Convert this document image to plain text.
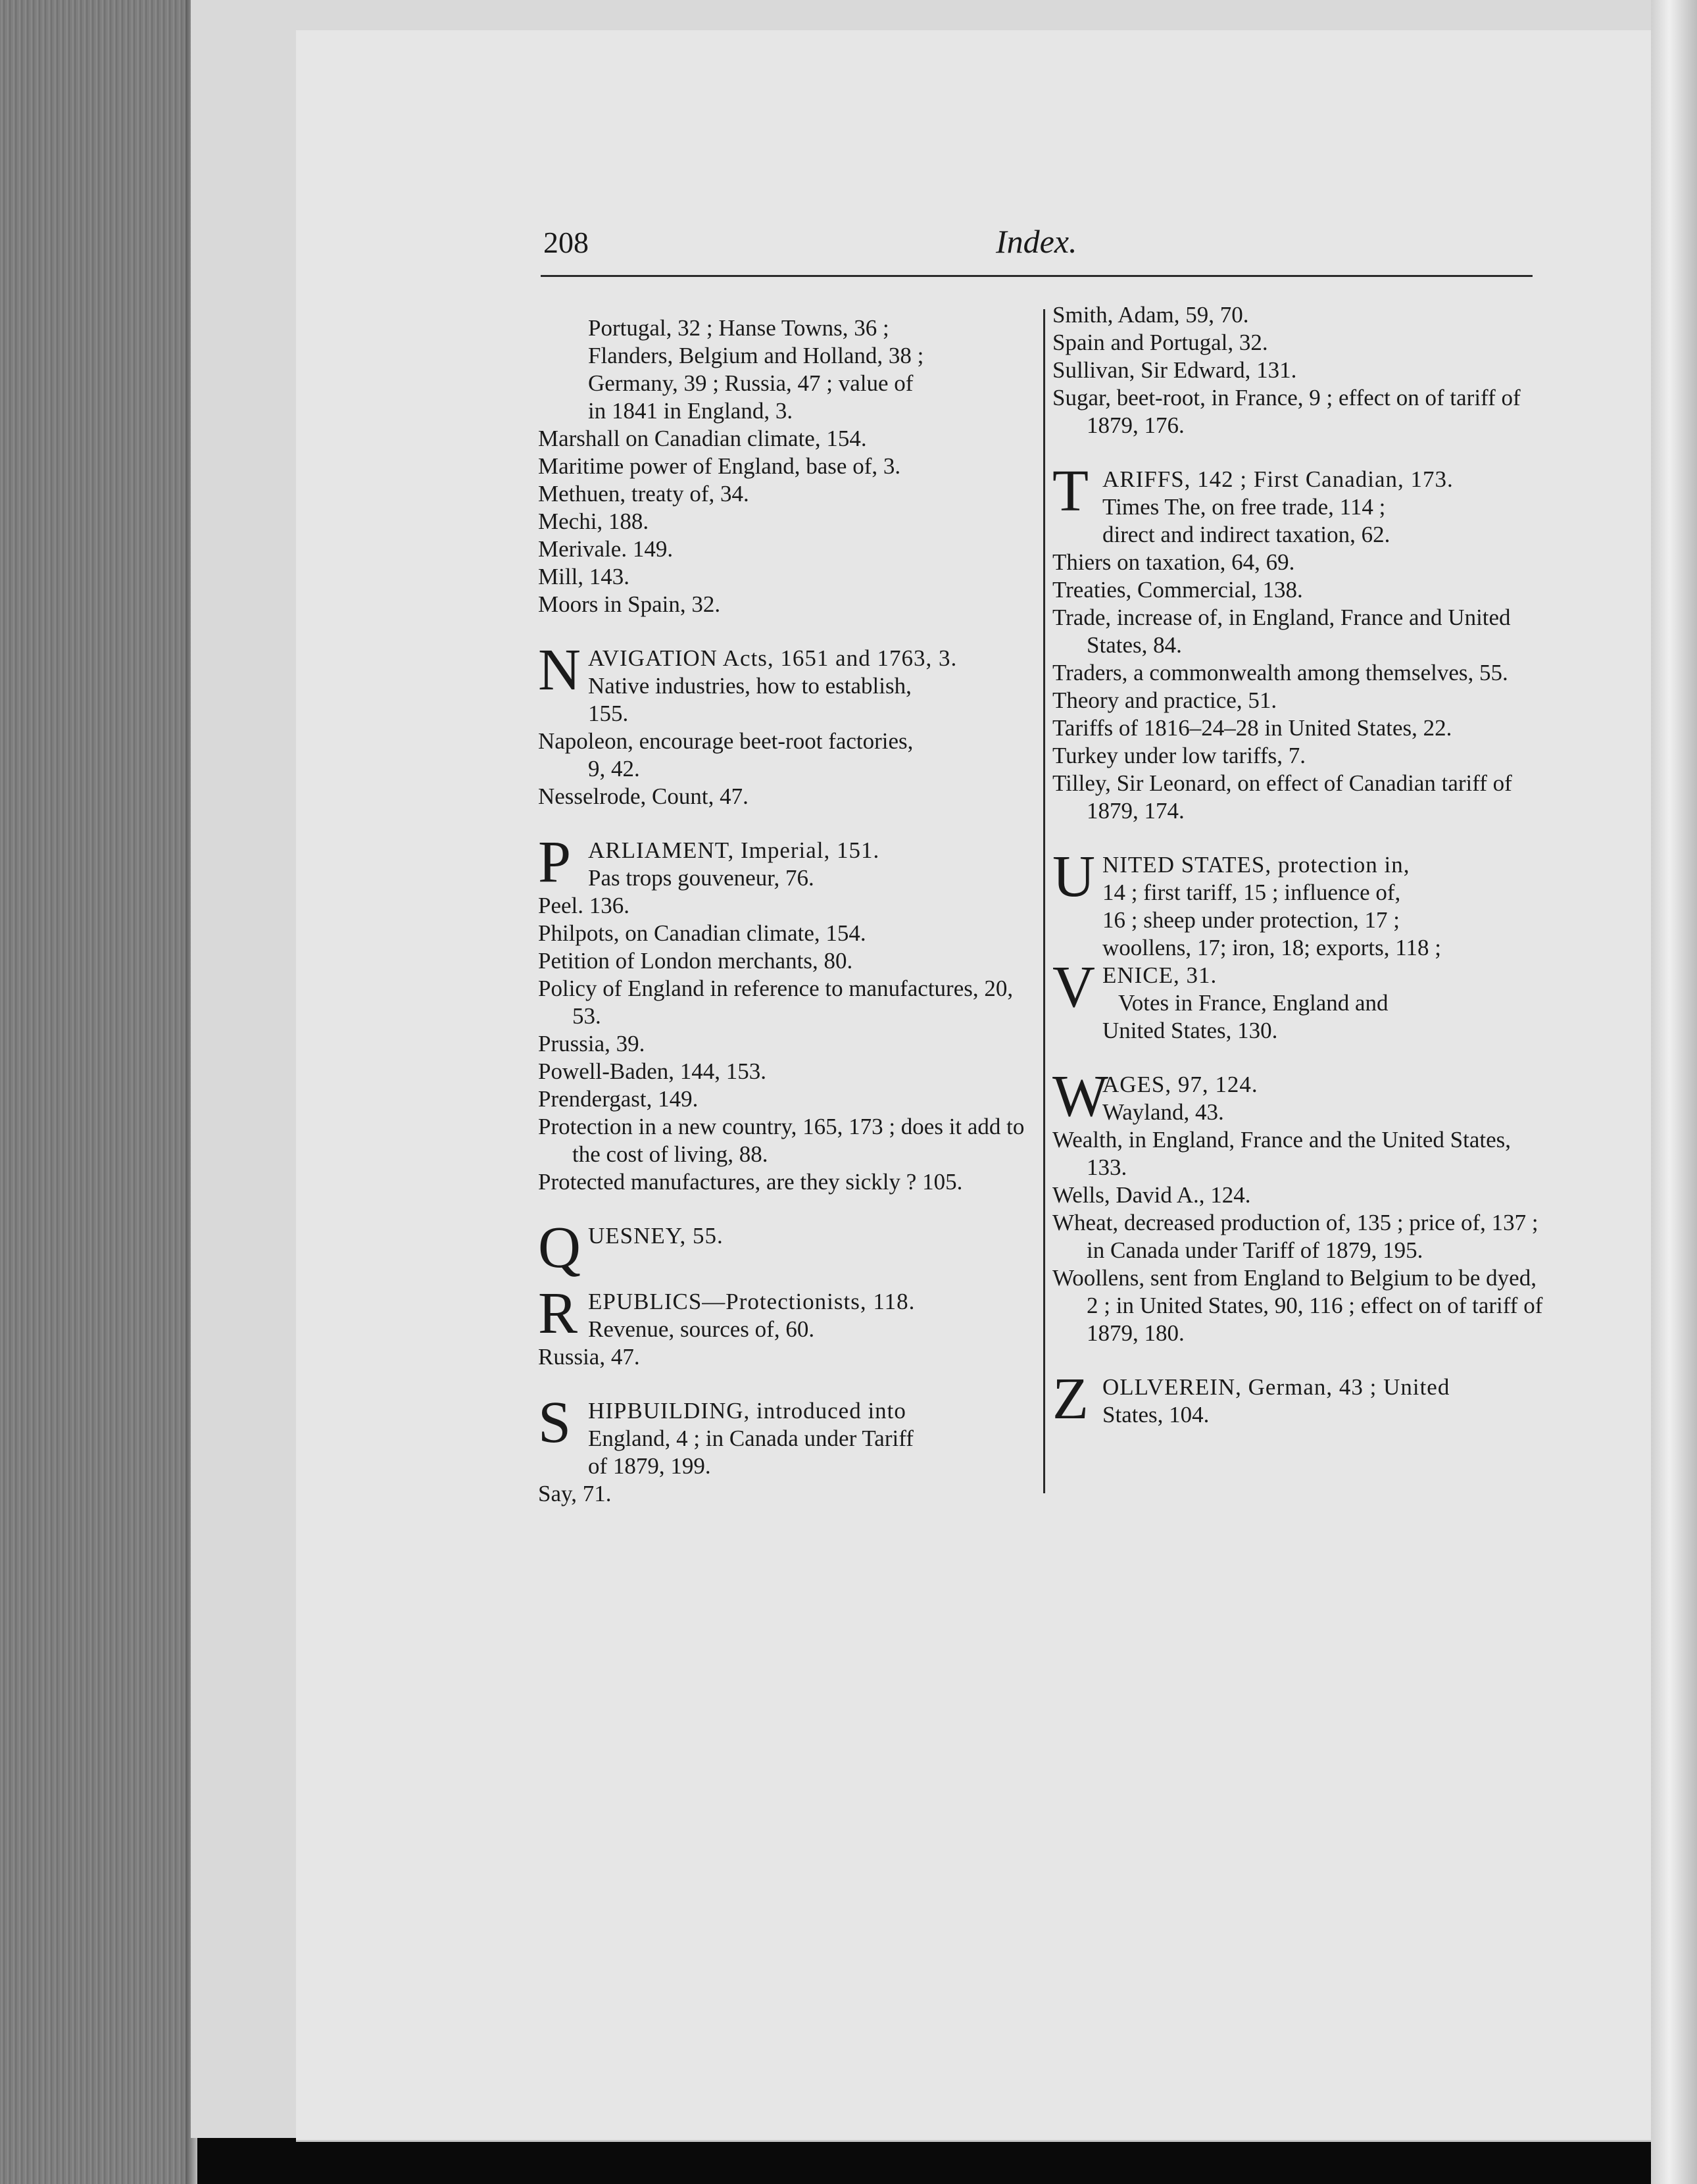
208	Index.

Portugal, 32 ; Hanse Towns, 36 ;

Flanders, Belgium and Holland, 38 ;

Germany, 39 ; Russia, 47 ; value of

in 1841 in England, 3.

Marshall on Canadian climate, 154.

Maritime power of England, base of, 3.

Methuen, treaty of, 34.

Mechi, 188.

Merivale. 149.

Mill, 143.

Moors in Spain, 32.

N AVIGATION Acts, 1651 and 1763, 3.

Native industries, how to establish,

155.

Napoleon, encourage beet-root factories,

9, 42.

Nesselrode, Count, 47.

P ARLIAMENT, Imperial, 151.

Pas trops gouveneur, 76.

Peel. 136.

Philpots, on Canadian climate, 154.

Petition of London merchants, 80.

Policy of England in reference to manufactures, 20, 53.

Prussia, 39.

Powell-Baden, 144, 153.

Prendergast, 149.

Protection in a new country, 165, 173 ; does it add to the cost of living, 88.

Protected manufactures, are they sickly ? 105.

Q UESNEY, 55.

R EPUBLICS—Protectionists, 118.

Revenue, sources of, 60.

Russia, 47.

S HIPBUILDING, introduced into

England, 4 ; in Canada under Tariff

of 1879, 199.

Say, 71.

Smith, Adam, 59, 70.

Spain and Portugal, 32.

Sullivan, Sir Edward, 131.

Sugar, beet-root, in France, 9 ; effect on of tariff of 1879, 176.

T ARIFFS, 142 ; First Canadian, 173.

Times The, on free trade, 114 ;

direct and indirect taxation, 62.

Thiers on taxation, 64, 69.

Treaties, Commercial, 138.

Trade, increase of, in England, France and United States, 84.

Traders, a commonwealth among themselves, 55.

Theory and practice, 51.

Tariffs of 1816–24–28 in United States, 22.

Turkey under low tariffs, 7.

Tilley, Sir Leonard, on effect of Canadian tariff of 1879, 174.

U NITED STATES, protection in,

14 ; first tariff, 15 ; influence of,

16 ; sheep under protection, 17 ;

woollens, 17; iron, 18; exports, 118 ;

V ENICE, 31.

Votes in France, England and

United States, 130.

W

AGES, 97, 124.

Wayland, 43.

Wealth, in England, France and the United States, 133.

Wells, David A., 124.

Wheat, decreased production of, 135 ; price of, 137 ; in Canada under Tariff of 1879, 195.

Woollens, sent from England to Belgium to be dyed, 2 ; in United States, 90, 116 ; effect on of tariff of 1879, 180.

Z OLLVEREIN, German, 43 ; United

States, 104.
